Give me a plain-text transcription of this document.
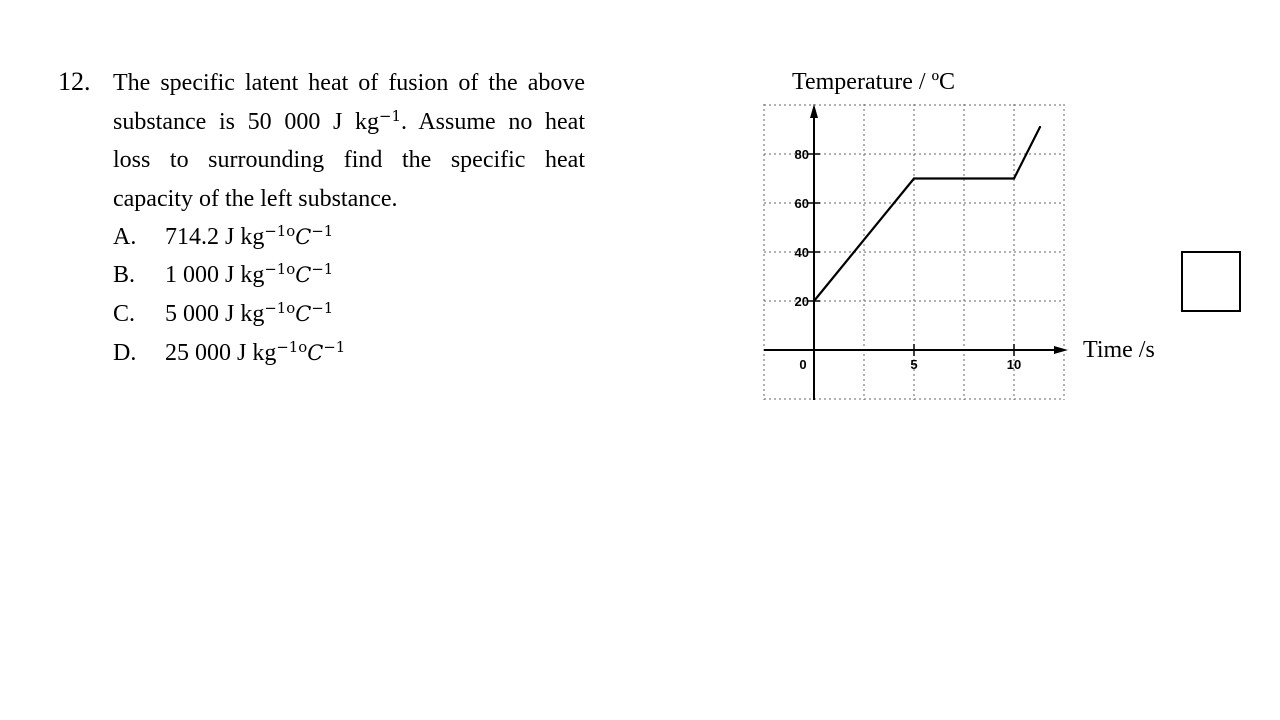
12. The specific latent heat of fusion of the above
substance is 50 000 J $kg^{-1}$. Assume no heat
loss to surrounding find the specific heat
capacity of the left substance.
A. 714.2 J $kg^{-1o}C^{-1}$
B. 1 000 J $kg^{-1o}C^{-1}$
C. 5 000 J $kg^{-1o}C^{-1}$
D. 25 000 J $kg^{-1o}C^{-1}$
Temperature / ºC
Time /s
20
40
60
80
0	5	10
